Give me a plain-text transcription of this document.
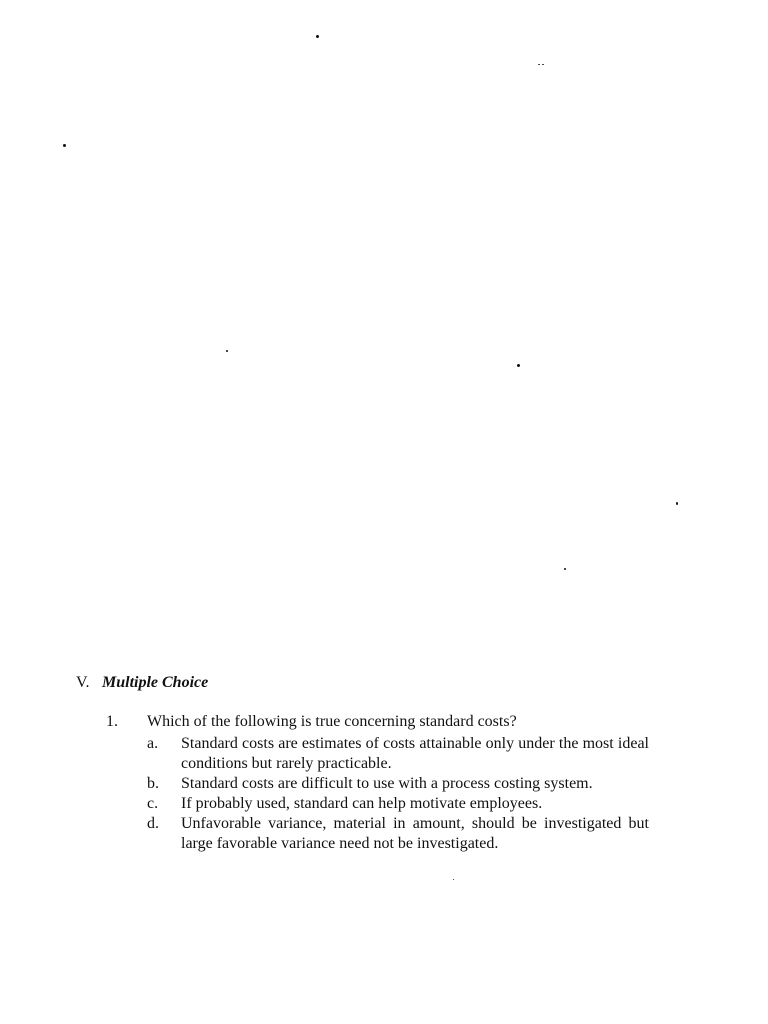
V. Multiple Choice
1. Which of the following is true concerning standard costs?
a. Standard costs are estimates of costs attainable only under the most ideal conditions but rarely practicable.
b. Standard costs are difficult to use with a process costing system.
c. If probably used, standard can help motivate employees.
d. Unfavorable variance, material in amount, should be investigated but large favorable variance need not be investigated.
